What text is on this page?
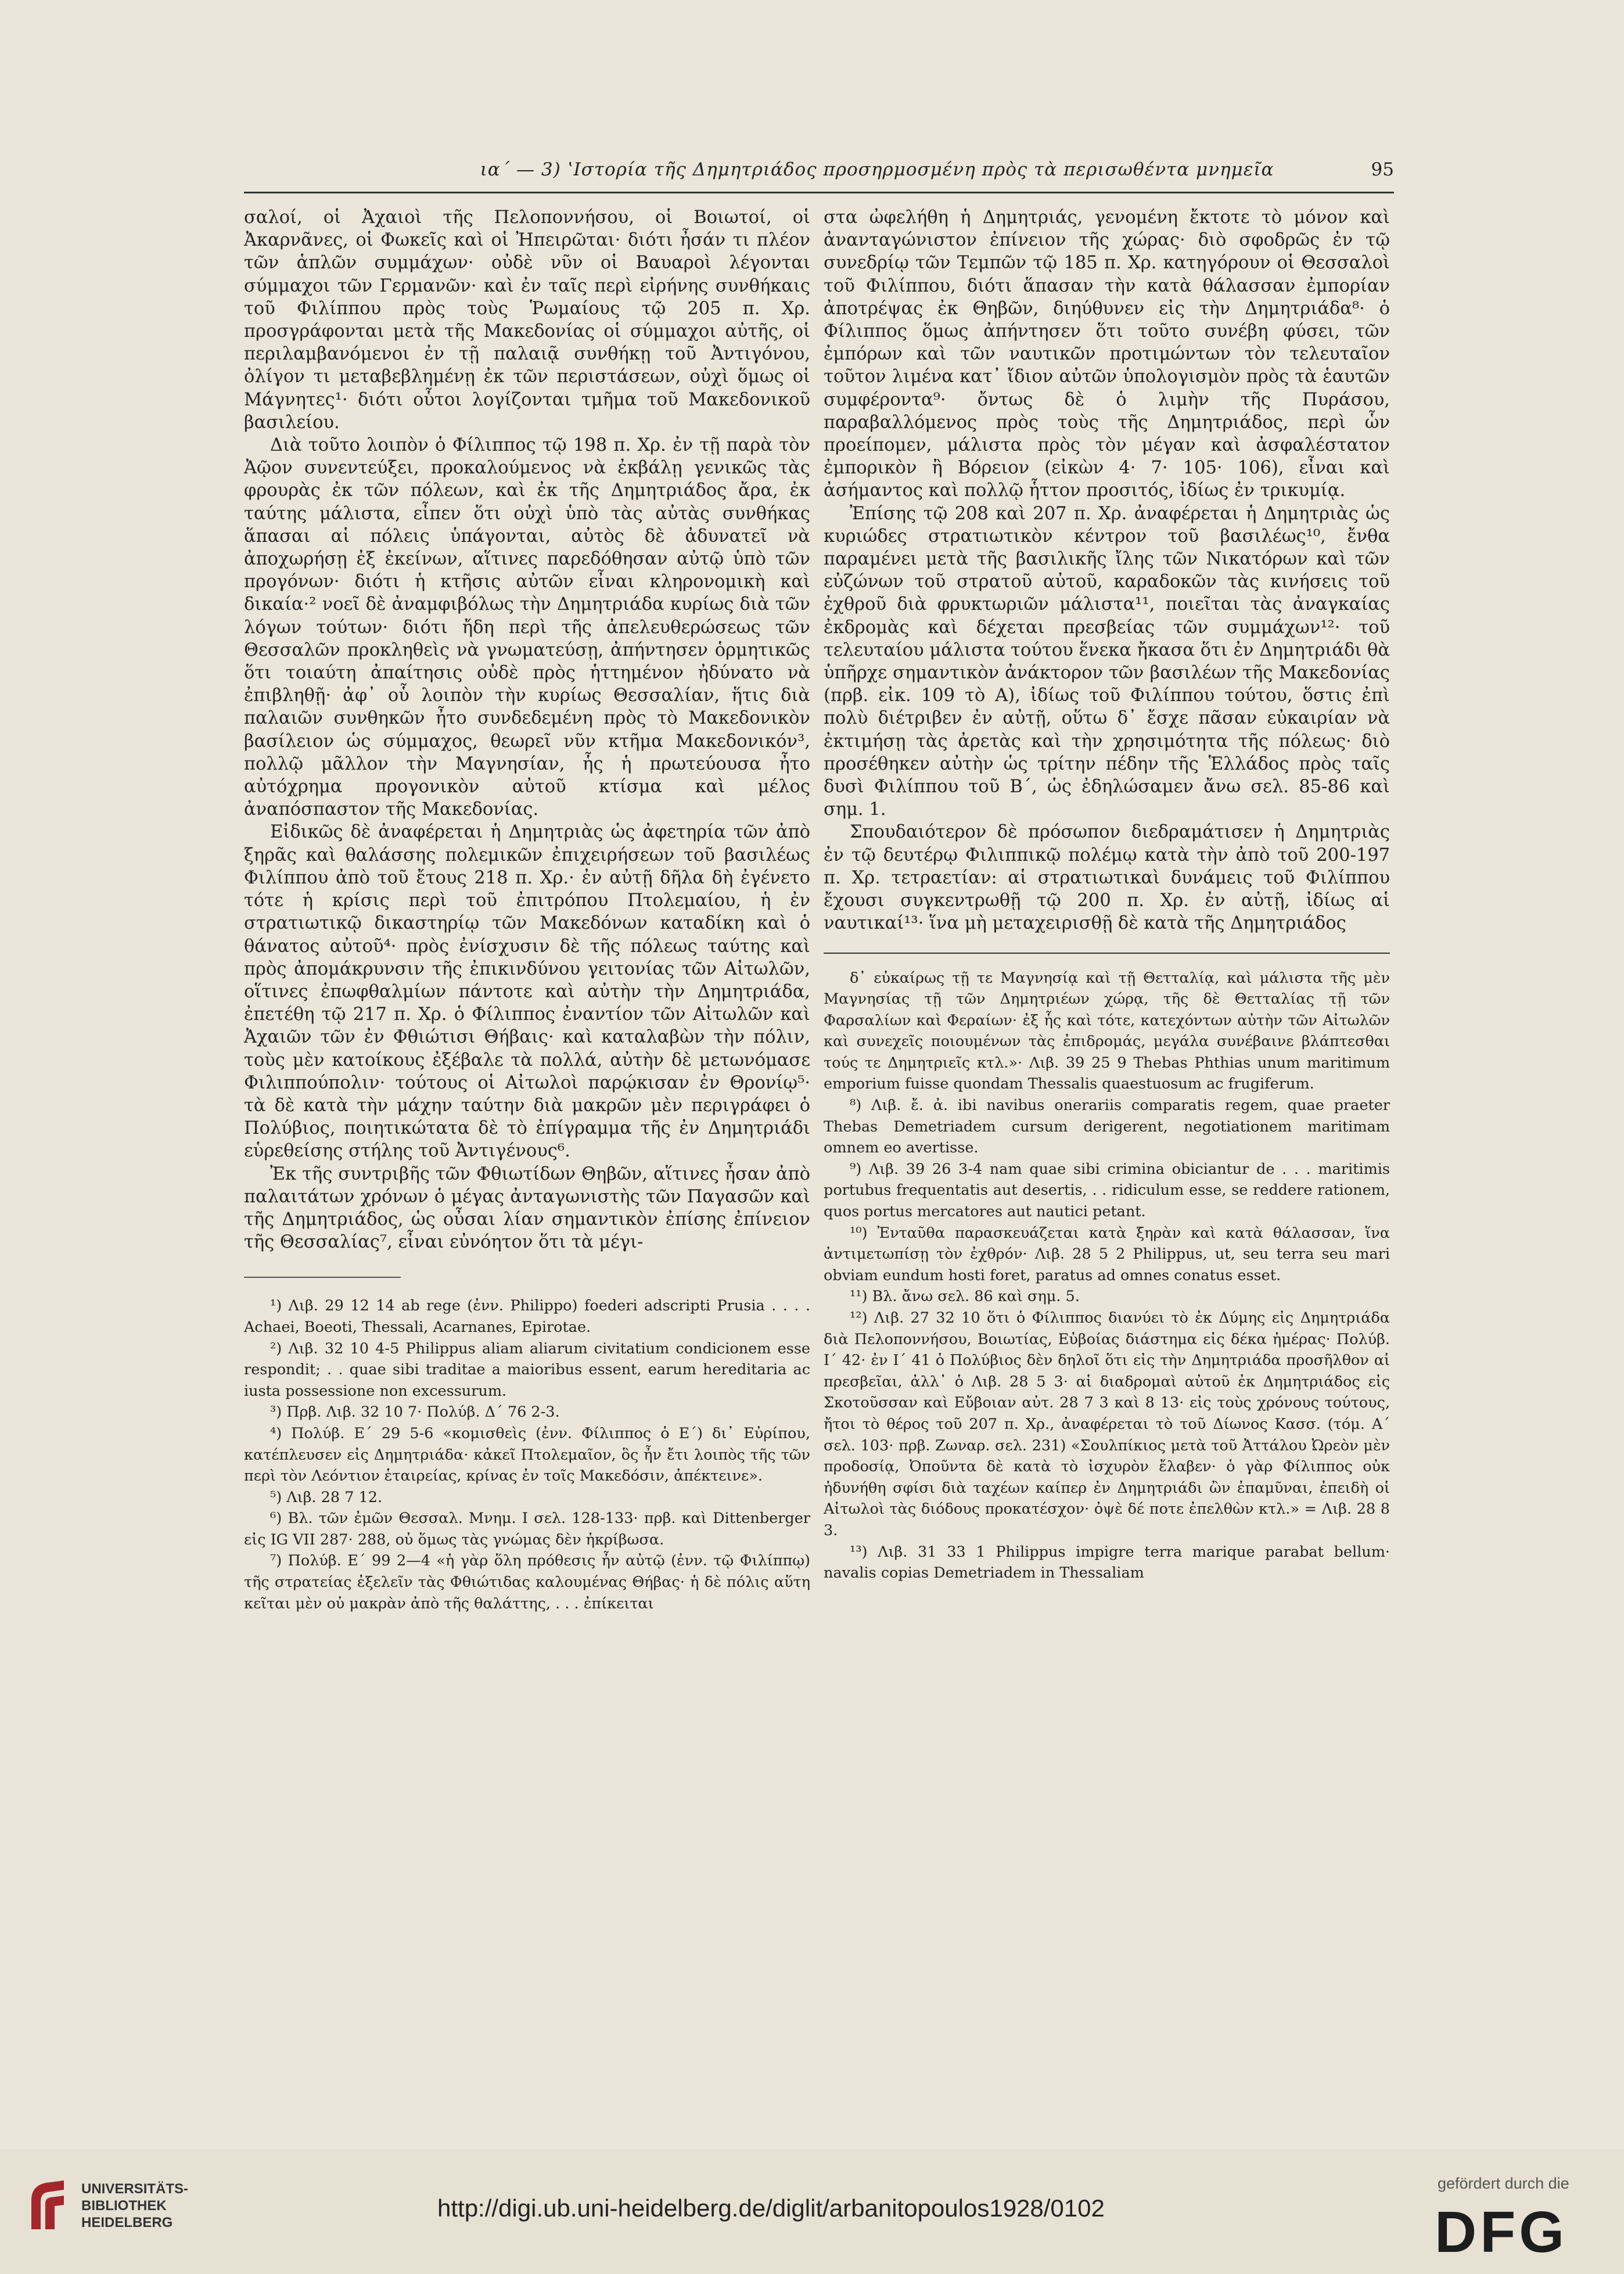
ια´ — 3) ʽΙστορία τῆς Δημητριάδος προσηρμοσμένη πρὸς τὰ περισωθέντα μνημεῖα	95

σαλοί, οἱ Ἀχαιοὶ τῆς Πελοποννήσου, οἱ Βοιωτοί, οἱ Ἀκαρνᾶνες, οἱ Φωκεῖς καὶ οἱ Ἠπειρῶται· διότι ἦσάν τι πλέον τῶν ἁπλῶν συμμάχων· οὐδὲ νῦν οἱ Βαυαροὶ λέγονται σύμμαχοι τῶν Γερμανῶν· καὶ ἐν ταῖς περὶ εἰρήνης συνθήκαις τοῦ Φιλίππου πρὸς τοὺς Ῥωμαίους τῷ 205 π. Χρ. προσγράφονται μετὰ τῆς Μακεδονίας οἱ σύμμαχοι αὐτῆς, οἱ περιλαμβανόμενοι ἐν τῇ παλαιᾷ συνθήκῃ τοῦ Ἀντιγόνου, ὀλίγον τι μεταβεβλημένῃ ἐκ τῶν περιστάσεων, οὐχὶ ὅμως οἱ Μάγνητες¹· διότι οὗτοι λογίζονται τμῆμα τοῦ Μακεδονικοῦ βασιλείου.

Διὰ τοῦτο λοιπὸν ὁ Φίλιππος τῷ 198 π. Χρ. ἐν τῇ παρὰ τὸν Ἀῷον συνεντεύξει, προκαλούμενος νὰ ἐκβάλῃ γενικῶς τὰς φρουρὰς ἐκ τῶν πόλεων, καὶ ἐκ τῆς Δημητριάδος ἄρα, ἐκ ταύτης μάλιστα, εἶπεν ὅτι οὐχὶ ὑπὸ τὰς αὐτὰς συνθήκας ἅπασαι αἱ πόλεις ὑπάγονται, αὐτὸς δὲ ἀδυνατεῖ νὰ ἀποχωρήσῃ ἐξ ἐκείνων, αἵτινες παρεδόθησαν αὐτῷ ὑπὸ τῶν προγόνων· διότι ἡ κτῆσις αὐτῶν εἶναι κληρονομικὴ καὶ δικαία·² νοεῖ δὲ ἀναμφιβόλως τὴν Δημητριάδα κυρίως διὰ τῶν λόγων τούτων· διότι ἤδη περὶ τῆς ἀπελευθερώσεως τῶν Θεσσαλῶν προκληθεὶς νὰ γνωματεύσῃ, ἀπήντησεν ὁρμητικῶς ὅτι τοιαύτη ἀπαίτησις οὐδὲ πρὸς ἡττημένον ἠδύνατο νὰ ἐπιβληθῇ· ἀφ᾽ οὗ λοιπὸν τὴν κυρίως Θεσσαλίαν, ἥτις διὰ παλαιῶν συνθηκῶν ἦτο συνδεδεμένη πρὸς τὸ Μακεδονικὸν βασίλειον ὡς σύμμαχος, θεωρεῖ νῦν κτῆμα Μακεδονικόν³, πολλῷ μᾶλλον τὴν Μαγνησίαν, ἧς ἡ πρωτεύουσα ἦτο αὐτόχρημα προγονικὸν αὐτοῦ κτίσμα καὶ μέλος ἀναπόσπαστον τῆς Μακεδονίας.

Εἰδικῶς δὲ ἀναφέρεται ἡ Δημητριὰς ὡς ἀφετηρία τῶν ἀπὸ ξηρᾶς καὶ θαλάσσης πολεμικῶν ἐπιχειρήσεων τοῦ βασιλέως Φιλίππου ἀπὸ τοῦ ἔτους 218 π. Χρ.· ἐν αὐτῇ δῆλα δὴ ἐγένετο τότε ἡ κρίσις περὶ τοῦ ἐπιτρόπου Πτολεμαίου, ἡ ἐν στρατιωτικῷ δικαστηρίῳ τῶν Μακεδόνων καταδίκη καὶ ὁ θάνατος αὐτοῦ⁴· πρὸς ἐνίσχυσιν δὲ τῆς πόλεως ταύτης καὶ πρὸς ἀπομάκρυνσιν τῆς ἐπικινδύνου γειτονίας τῶν Αἰτωλῶν, οἵτινες ἐπωφθαλμίων πάντοτε καὶ αὐτὴν τὴν Δημητριάδα, ἐπετέθη τῷ 217 π. Χρ. ὁ Φίλιππος ἐναντίον τῶν Αἰτωλῶν καὶ Ἀχαιῶν τῶν ἐν Φθιώτισι Θήβαις· καὶ καταλαβὼν τὴν πόλιν, τοὺς μὲν κατοίκους ἐξέβαλε τὰ πολλά, αὐτὴν δὲ μετωνόμασε Φιλιππούπολιν· τούτους οἱ Αἰτωλοὶ παρῴκισαν ἐν Θρονίῳ⁵· τὰ δὲ κατὰ τὴν μάχην ταύτην διὰ μακρῶν μὲν περιγράφει ὁ Πολύβιος, ποιητικώτατα δὲ τὸ ἐπίγραμμα τῆς ἐν Δημητριάδι εὑρεθείσης στήλης τοῦ Ἀντιγένους⁶.

Ἐκ τῆς συντριβῆς τῶν Φθιωτίδων Θηβῶν, αἵτινες ἦσαν ἀπὸ παλαιτάτων χρόνων ὁ μέγας ἀνταγωνιστὴς τῶν Παγασῶν καὶ τῆς Δημητριάδος, ὡς οὖσαι λίαν σημαντικὸν ἐπίσης ἐπίνειον τῆς Θεσσαλίας⁷, εἶναι εὐνόητον ὅτι τὰ μέγι-

¹) Λιβ. 29 12 14 ab rege (ἐνν. Philippo) foederi adscripti Prusia . . . . Achaei, Boeoti, Thessali, Acarnanes, Epirotae.

²) Λιβ. 32 10 4-5 Philippus aliam aliarum civitatium condicionem esse respondit; . . quae sibi traditae a maioribus essent, earum hereditaria ac iusta possessione non excessurum.

³) Πρβ. Λιβ. 32 10 7· Πολύβ. Δ´ 76 2-3.

⁴) Πολύβ. Ε´ 29 5-6 «κομισθεὶς (ἐνν. Φίλιππος ὁ Ε´) δι᾽ Εὐρίπου, κατέπλευσεν εἰς Δημητριάδα· κἀκεῖ Πτολεμαῖον, ὃς ἦν ἔτι λοιπὸς τῆς τῶν περὶ τὸν Λεόντιον ἑταιρείας, κρίνας ἐν τοῖς Μακεδόσιν, ἀπέκτεινε».

⁵) Λιβ. 28 7 12.

⁶) Βλ. τῶν ἐμῶν Θεσσαλ. Μνημ. Ι σελ. 128-133· πρβ. καὶ Dittenberger εἰς IG VII 287· 288, οὐ ὅμως τὰς γνώμας δὲν ἠκρίβωσα.

⁷) Πολύβ. Ε´ 99 2—4 «ἡ γὰρ ὅλη πρόθεσις ἦν αὐτῷ (ἐνν. τῷ Φιλίππῳ) τῆς στρατείας ἐξελεῖν τὰς Φθιώτιδας καλουμένας Θήβας· ἡ δὲ πόλις αὕτη κεῖται μὲν οὐ μακρὰν ἀπὸ τῆς θαλάττης, . . . ἐπίκειται

στα ὠφελήθη ἡ Δημητριάς, γενομένη ἔκτοτε τὸ μόνον καὶ ἀνανταγώνιστον ἐπίνειον τῆς χώρας· διὸ σφοδρῶς ἐν τῷ συνεδρίῳ τῶν Τεμπῶν τῷ 185 π. Χρ. κατηγόρουν οἱ Θεσσαλοὶ τοῦ Φιλίππου, διότι ἅπασαν τὴν κατὰ θάλασσαν ἐμπορίαν ἀποτρέψας ἐκ Θηβῶν, διηύθυνεν εἰς τὴν Δημητριάδα⁸· ὁ Φίλιππος ὅμως ἀπήντησεν ὅτι τοῦτο συνέβη φύσει, τῶν ἐμπόρων καὶ τῶν ναυτικῶν προτιμώντων τὸν τελευταῖον τοῦτον λιμένα κατ᾽ ἴδιον αὐτῶν ὑπολογισμὸν πρὸς τὰ ἑαυτῶν συμφέροντα⁹· ὄντως δὲ ὁ λιμὴν τῆς Πυράσου, παραβαλλόμενος πρὸς τοὺς τῆς Δημητριάδος, περὶ ὧν προείπομεν, μάλιστα πρὸς τὸν μέγαν καὶ ἀσφαλέστατον ἐμπορικὸν ἢ Βόρειον (εἰκὼν 4· 7· 105· 106), εἶναι καὶ ἀσήμαντος καὶ πολλῷ ἧττον προσιτός, ἰδίως ἐν τρικυμίᾳ.

Ἐπίσης τῷ 208 καὶ 207 π. Χρ. ἀναφέρεται ἡ Δημητριὰς ὡς κυριώδες στρατιωτικὸν κέντρον τοῦ βασιλέως¹⁰, ἔνθα παραμένει μετὰ τῆς βασιλικῆς ἴλης τῶν Νικατόρων καὶ τῶν εὐζώνων τοῦ στρατοῦ αὐτοῦ, καραδοκῶν τὰς κινήσεις τοῦ ἐχθροῦ διὰ φρυκτωριῶν μάλιστα¹¹, ποιεῖται τὰς ἀναγκαίας ἐκδρομὰς καὶ δέχεται πρεσβείας τῶν συμμάχων¹²· τοῦ τελευταίου μάλιστα τούτου ἕνεκα ἤκασα ὅτι ἐν Δημητριάδι θὰ ὑπῆρχε σημαντικὸν ἀνάκτορον τῶν βασιλέων τῆς Μακεδονίας (πρβ. εἰκ. 109 τὸ Α), ἰδίως τοῦ Φιλίππου τούτου, ὅστις ἐπὶ πολὺ διέτριβεν ἐν αὐτῇ, οὕτω δ᾽ ἔσχε πᾶσαν εὐκαιρίαν νὰ ἐκτιμήσῃ τὰς ἀρετὰς καὶ τὴν χρησιμότητα τῆς πόλεως· διὸ προσέθηκεν αὐτὴν ὡς τρίτην πέδην τῆς Ἑλλάδος πρὸς ταῖς δυσὶ Φιλίππου τοῦ Β´, ὡς ἐδηλώσαμεν ἄνω σελ. 85-86 καὶ σημ. 1.

Σπουδαιότερον δὲ πρόσωπον διεδραμάτισεν ἡ Δημητριὰς ἐν τῷ δευτέρῳ Φιλιππικῷ πολέμῳ κατὰ τὴν ἀπὸ τοῦ 200-197 π. Χρ. τετραετίαν: αἱ στρατιωτικαὶ δυνάμεις τοῦ Φιλίππου ἔχουσι συγκεντρωθῇ τῷ 200 π. Χρ. ἐν αὐτῇ, ἰδίως αἱ ναυτικαί¹³· ἵνα μὴ μεταχειρισθῇ δὲ κατὰ τῆς Δημητριάδος

δ᾽ εὐκαίρως τῇ τε Μαγνησίᾳ καὶ τῇ Θετταλίᾳ, καὶ μάλιστα τῆς μὲν Μαγνησίας τῇ τῶν Δημητριέων χώρᾳ, τῆς δὲ Θετταλίας τῇ τῶν Φαρσαλίων καὶ Φεραίων· ἐξ ἧς καὶ τότε, κατεχόντων αὐτὴν τῶν Αἰτωλῶν καὶ συνεχεῖς ποιουμένων τὰς ἐπιδρομάς, μεγάλα συνέβαινε βλάπτεσθαι τούς τε Δημητριεῖς κτλ.»· Λιβ. 39 25 9 Thebas Phthias unum maritimum emporium fuisse quondam Thessalis quaestuosum ac frugiferum.

⁸) Λιβ. ἔ. ἀ. ibi navibus onerariis comparatis regem, quae praeter Thebas Demetriadem cursum derigerent, negotiationem maritimam omnem eo avertisse.

⁹) Λιβ. 39 26 3-4 nam quae sibi crimina obiciantur de . . . maritimis portubus frequentatis aut desertis, . . ridiculum esse, se reddere rationem, quos portus mercatores aut nautici petant.

¹⁰) Ἐνταῦθα παρασκευάζεται κατὰ ξηρὰν καὶ κατὰ θάλασσαν, ἵνα ἀντιμετωπίσῃ τὸν ἐχθρόν· Λιβ. 28 5 2 Philippus, ut, seu terra seu mari obviam eundum hosti foret, paratus ad omnes conatus esset.

¹¹) Βλ. ἄνω σελ. 86 καὶ σημ. 5.

¹²) Λιβ. 27 32 10 ὅτι ὁ Φίλιππος διανύει τὸ ἐκ Δύμης εἰς Δημητριάδα διὰ Πελοποννήσου, Βοιωτίας, Εὐβοίας διάστημα εἰς δέκα ἡμέρας· Πολύβ. Ι´ 42· ἐν Ι´ 41 ὁ Πολύβιος δὲν δηλοῖ ὅτι εἰς τὴν Δημητριάδα προσῆλθον αἱ πρεσβεῖαι, ἀλλ᾽ ὁ Λιβ. 28 5 3· αἱ διαδρομαὶ αὐτοῦ ἐκ Δημητριάδος εἰς Σκοτοῦσσαν καὶ Εὔβοιαν αὐτ. 28 7 3 καὶ 8 13· εἰς τοὺς χρόνους τούτους, ἤτοι τὸ θέρος τοῦ 207 π. Χρ., ἀναφέρεται τὸ τοῦ Δίωνος Κασσ. (τόμ. Α´ σελ. 103· πρβ. Ζωναρ. σελ. 231) «Σουλπίκιος μετὰ τοῦ Ἀττάλου Ὠρεὸν μὲν προδοσίᾳ, Ὀποῦντα δὲ κατὰ τὸ ἰσχυρὸν ἔλαβεν· ὁ γὰρ Φίλιππος οὐκ ἠδυνήθη σφίσι διὰ ταχέων καίπερ ἐν Δημητριάδι ὢν ἐπαμῦναι, ἐπειδὴ οἱ Αἰτωλοὶ τὰς διόδους προκατέσχον· ὀψὲ δέ ποτε ἐπελθὼν κτλ.» = Λιβ. 28 8 3.

¹³) Λιβ. 31 33 1 Philippus impigre terra marique parabat bellum· navalis copias Demetriadem in Thessaliam

UNIVERSITÄTS-
BIBLIOTHEK
HEIDELBERG
http://digi.ub.uni-heidelberg.de/diglit/arbanitopoulos1928/0102
gefördert durch die
DFG
